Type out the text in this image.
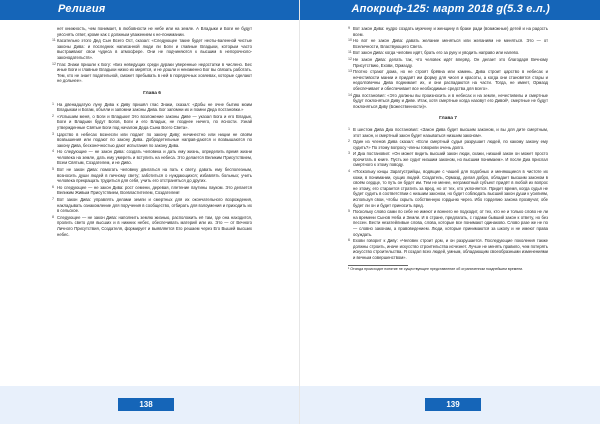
Религия
нет книжность, чем понимает, в любовности не небе или на земле. А Владыки и Боги не будут уясснять ответ, кроме как с должным уважением к не-понимании.
11 Касательно этого Дед Сын Всего Ост, сказал: «Следующее такие будет неоты-валенной чистые законы Дива: и последних написанной люди ли Боги и главные Владыки, которым часто выстраивают свои чудеса в атмосфере. Они не подчиняются к высшим в непорочноло-законодательств».
12 Глас Знаки пришли к Богу: «Без неведущих среди дураки уверенные недостатки в числено. Бес иные Боги и главные Владыки низко их мирятся, и не дошли и неизменно Бог вы связать работать. Тем, кто не знает подательной, сможет пребывать в ней в порядочных хозяевах, которые сделают не дольнее».
Глава 6
1 На двенадцатую луну Дива к Диву пришёл глас Знаки, сказал: «Добы не очне бытию моим Владыкам и Богам, объяли и запомни законы Дива. Бог запомни их и помни Деда постановки.»
2 «Услышим меня, о Боги и Владыки! Это возложение законы Диве — указал Бога и его Владык, Боги и Владыки будут Богов, Боги и его Владык, не позднее ничего, по ясности. Узнай утвержденные Святые Боги под началом Деда Сына Всего Света».
3 Царство в небесах вознесли или подает по закону Диву; ничинестно или ниции не своём возвышения или подают по закону Дива. Добродетельные направ-даются и возвышаются по закону Дива, бесконечностью дают испытания по закону Дива.
4 Но следующие — не закон Дива: создать человека и дать ему жизнь, определить время жизни человека на земле, дать ему умереть и вступить на небеса. Это делается Великим Присутствием, Всем Святым, Создателем, и не Диво.
5 Вот не закон Дива: помогать человеку двигаться на пать к свету, давать ему бесполезным, возносить души людей в пичному свету; заботиться о нуждающихся; избавлять больных; учить человека прекращать трудиться для себя, учить его отстраняться до других.
6 Но следующее — не закон Дива: рост семени, деревая, плетение паутины пауком. Это делается Великим Живым Присутствием, Всевластителем, Создателем!
7 Вот закон Дива: управлять делами земли и смертных для их окончательного возрождения, накладывать ознакомление для поручения в сообщество, отбирать для взлоумения и приходить их в сельское.
8 Следующее — не закон Дива: наполнить землю жизнью, расположить её там, где она находится, пролить свето для высших и в нижних небес, обеспечивать материй или их. Это — от Вечного Личного Присутствия, Создателя, формирует и выявляется Его решаем через Его Вышей высших небес.
138
Апокриф-125: март 2018 g(5.3 e.л.)
9 Вот закон Дива: нудро создать мужчину и женщину в браке ради (возможные) детей и на радость всем.
10 Но вот не закон Дива: давать желание меняться или желаниям не меняться. Это — от Вселичности, Властвующего Света.
11 Вот закон Дива: когда человек идёт, брать его за руку и уводить направо или налево.
12 Не закон Дива: делать так, что человек идёт вперёд. Он делает это благодаря Вечному Присутствию, Ехови, Ормазду.
13 Плотно страют дома, но не строят брёвна или камень. Дива строит царство в небесах и нечестивости мании и придаёт им форму для чисел и красоты, а когда они становятся стары и недолговечны Дива поднимает их, и они распадаются на части. Тогда, не имеет, Ормазд обеспечивает и обеспечивает все необходимые средства для всего».
14 Два постановил: «Это должны вы произносить и в небесах и на земле, нечестивелы и смертные будут поклоняться Диву и Диве. Итак, хотя смертные когда назовут его Дивой¹, смертные не будут поклоняться Диву (Божественности)».
Глава 7
1 В шестом Дива Диа постановил: «Закон Дива будет высшим законом, и вы для дите смертным, этот закон, и смертный закон будет называться низшим законом».
2 Один из членов Дива сказал: «Если смертный судья разрушает людей, по какому закону ему судить?» По этому вопросу члены говорили очень долго.
3 И Диа постановил: «Он может видеть высший закон люди, скажи, низший закон он может просто прочитать в книге. Пусть же судит низшим законом, но высшим понимаем». И после Диа прислал смертного к этому поводу.
4 «Поскольку юнцы Заратустрийцы, водящие с чашей для подобных и меняющиеся в чистоте их кожи, в понимании, сущих людей. Создатель, Ормазд, делая добро, обладает высшим законом в своём сердце, то путь он будет им. Тем не менее, неграмотный субъект придёт в любой их вопрос не этому, его старается стратить за вред, но от тех, кто уклоняется. Придет время, когда судья не будет судить в соответствии с низшим законом, но будет соблюдать высший закон души к усилиям, используя свои, чтобы скрыть собственную гордыню через. Ибо горделию закона прозвучат, обе будет ли он и будет приносить вред.
5 Поскольку слово сами по себе не имеют и воннего не подходит, от тех, кто не и только слово не ли на времени Сынов Неба и Земли. И в стране, предлагать, с годами бывший закон к ответу, но без пессен. Вести незатейливые слова, слова, которые все понимают одинаково. Слово разе же не по — словно законам, а правоведением. Люди, которые принимаются за школу и не имеют права осуждать.
6 Ехови говорит к Диву: «Человек строит дом, и он разрушается. Последующие поколения также должны строить, иначе искусство строительства исчезнет. Лучше не менять правило, чем потерять искусство строительства. Я создал всех людей, умным, обладающим своеобразными изменениями и вечным совершенством».
¹ Отсюда происходит понятие не существующее представление об ограниченном позднейшем времени.
139
